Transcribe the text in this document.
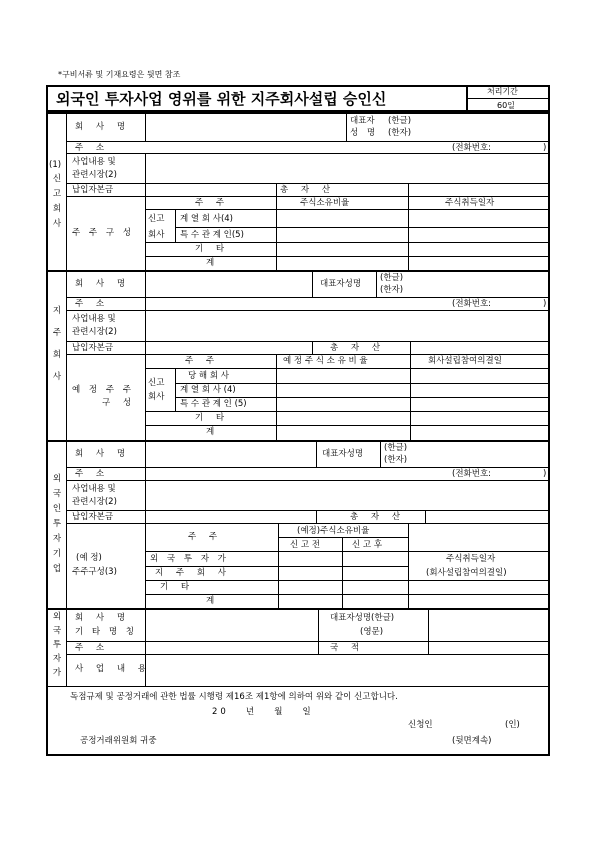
*구비서류 및 기재요령은 뒷면 참조
외국인 투자사업 영위를 위한 지주회사설립 승인신	처리기간
60일
(1)
신고회사
회 사 명
대표자
성 명
(한글)
(한자)
주 소	(전화번호:	)
사업내용 및
관련시장(2)
납입자본금	총 자 산
주 주 구 성
주 주	주식소유비율	주식취득일자
신고
회사
계 열 회 사(4)
특 수 관 계 인(5)
기 타
계
지주회사
회 사 명	대표자성명
(한글)
(한자)
주 소	(전화번호:	)
사업내용 및
관련시장(2)
납입자본금	총 자 산
예 정 주 주
구 성
주 주	예 정 주 식 소 유 비 율	회사설립참여의결일
신고
회사
당 해 회 사
계 열 회 사 (4)
특 수 관 계 인 (5)
기 타
계
외국인투자기업
회 사 명	대표자성명
(한글)
(한자)
주 소	(전화번호:	)
사업내용 및
관련시장(2)
납입자본금	총 자 산
(예 정)
주주구성(3)
주 주
(예정)주식소유비율
신 고 전	신 고 후
주식취득일자
(회사설립참여의결일)
외 국 투 자 가
지 주 회 사
기 타
계
외국투자가
회 사 명
기 타 명 칭
대표자성명(한글)
(영문)
주 소	국 적
사 업 내 용
독점규제 및 공정거래에 관한 법률 시행령 제16조 제1항에 의하여 위와 같이 신고합니다.
20   년   월   일
신청인	(인)
공정거래위원회 귀중	(뒷면계속)
